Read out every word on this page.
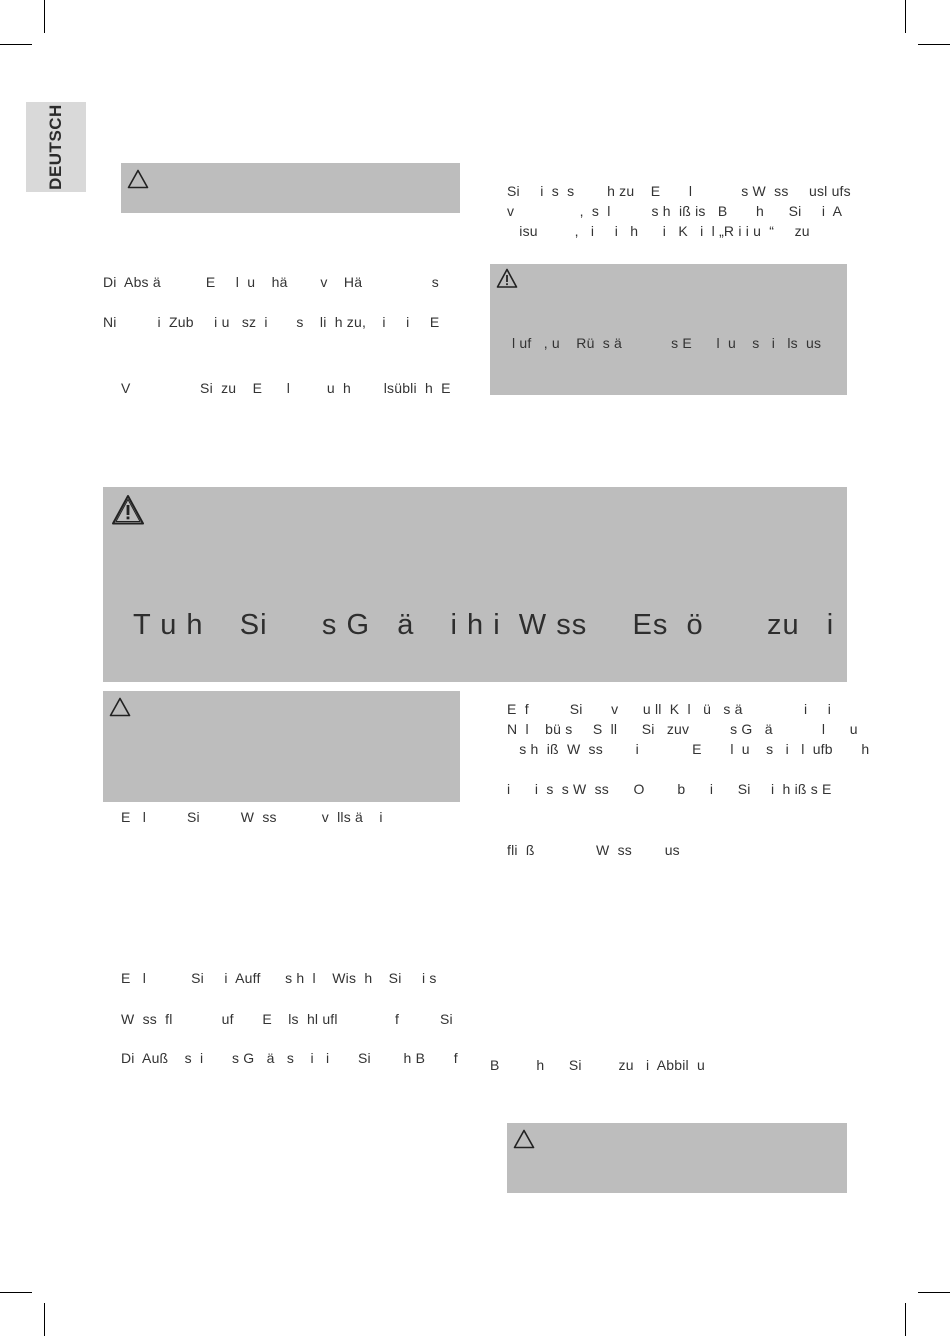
DEUTSCH
Di  Abs ä           E     l  u    hä        v    Hä                 s
Ni          i  Zub     i u   sz  i       s    li  h zu,    i     i     E
V                 Si  zu    E      l         u  h        lsübli  h  E
Si     i  s  s        h zu    E       l            s W  ss     usl ufs
v                ,  s  l          s h  iß is   B       h      Si     i  A
isu         ,   i     i   h      i   K   i  l „R i i u  “     zu
l uf   , u    Rü  s ä            s E      l  u    s   i   ls  us
T u h    Si      s G   ä    i h i  W ss     Es  ö       zu   i
E   l          Si          W  ss           v  lls ä    i
E   l           Si     i  Auff      s h  l    Wis  h    Si     i s
W  ss  fl            uf       E    ls  hl ufl              f          Si
Di  Auß    s  i       s G   ä   s    i   i       Si        h B       f
E  f          Si       v      u ll  K  l   ü   s ä               i     i
N  l    bü s     S  ll      Si   zuv          s G   ä            l      u
s h  iß  W  ss        i             E       l  u    s   i   l  ufb       h
i      i  s  s W  ss      O        b      i      Si     i  h iß s E
fli  ß               W  ss        us
B         h      Si         zu   i  Abbil  u
